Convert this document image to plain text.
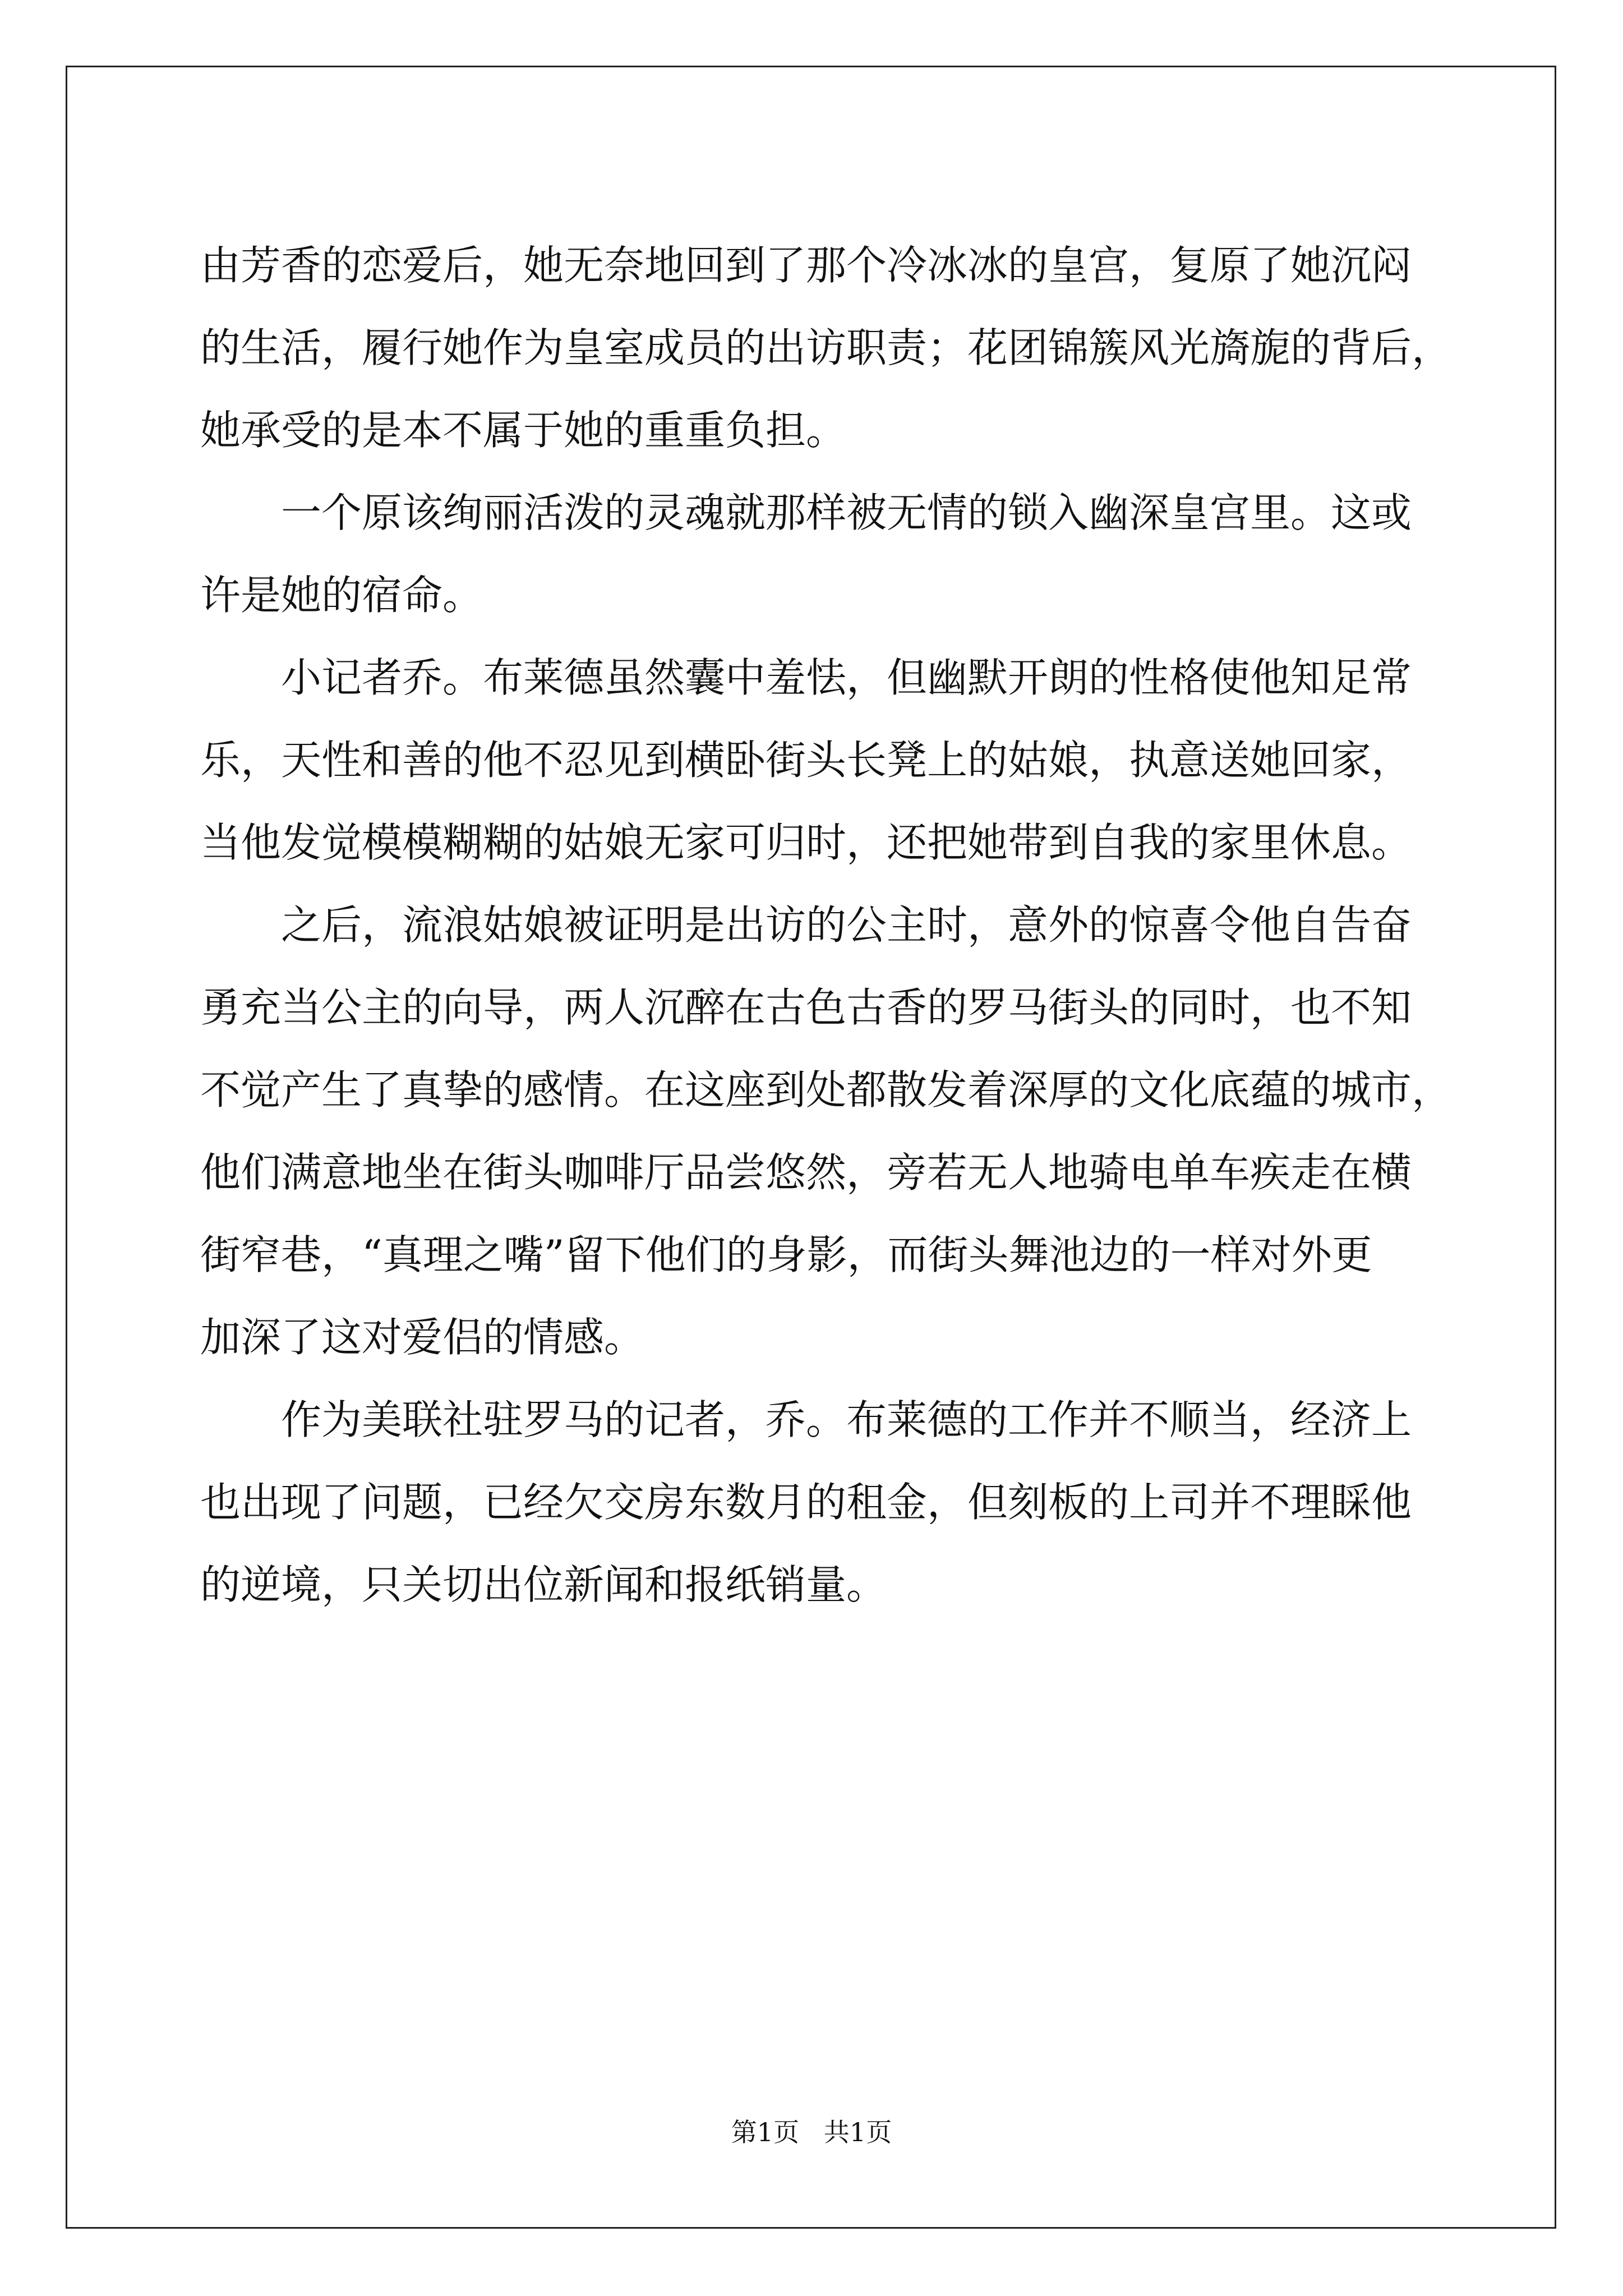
由芳香的恋爱后，她无奈地回到了那个冷冰冰的皇宫，复原了她沉闷
的生活，履行她作为皇室成员的出访职责；花团锦簇风光旖旎的背后，
她承受的是本不属于她的重重负担。
　　一个原该绚丽活泼的灵魂就那样被无情的锁入幽深皇宫里。这或
许是她的宿命。
　　小记者乔。布莱德虽然囊中羞怯，但幽默开朗的性格使他知足常
乐，天性和善的他不忍见到横卧街头长凳上的姑娘，执意送她回家，
当他发觉模模糊糊的姑娘无家可归时，还把她带到自我的家里休息。
　　之后，流浪姑娘被证明是出访的公主时，意外的惊喜令他自告奋
勇充当公主的向导，两人沉醉在古色古香的罗马街头的同时，也不知
不觉产生了真挚的感情。在这座到处都散发着深厚的文化底蕴的城市，
他们满意地坐在街头咖啡厅品尝悠然，旁若无人地骑电单车疾走在横
街窄巷，“真理之嘴”留下他们的身影，而街头舞池边的一样对外更
加深了这对爱侣的情感。
　　作为美联社驻罗马的记者，乔。布莱德的工作并不顺当，经济上
也出现了问题，已经欠交房东数月的租金，但刻板的上司并不理睬他
的逆境，只关切出位新闻和报纸销量。
第1页   共1页
